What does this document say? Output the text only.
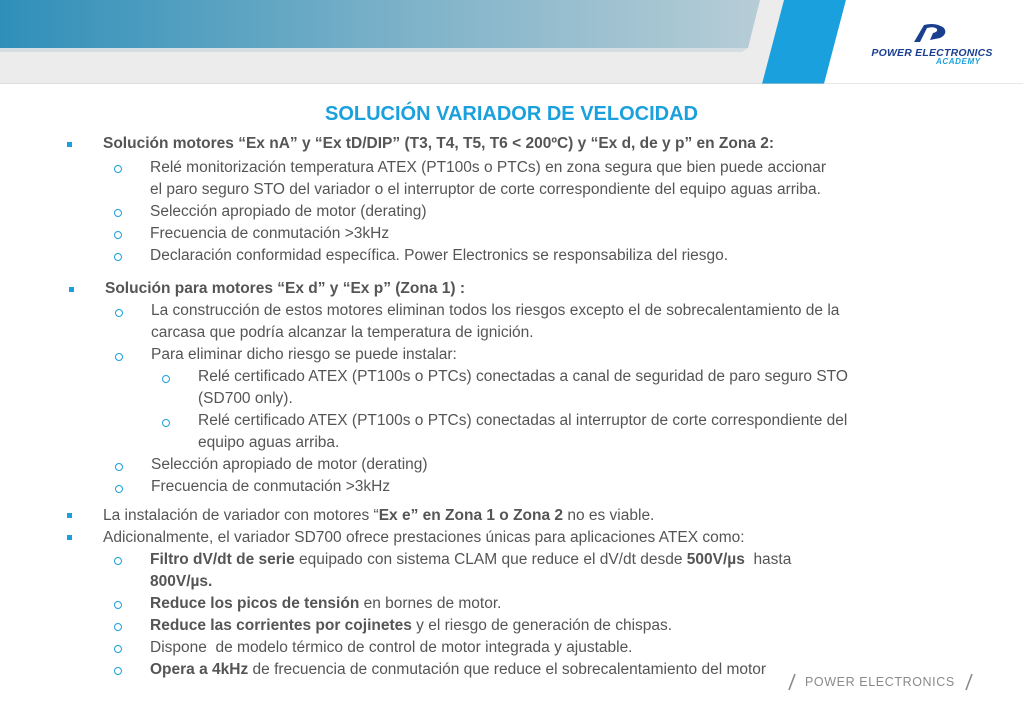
POWER ELECTRONICS
ACADEMY
SOLUCIÓN VARIADOR DE VELOCIDAD
Solución motores “Ex nA” y “Ex tD/DIP” (T3, T4, T5, T6 < 200ºC) y “Ex d, de y p” en Zona 2:
Relé monitorización temperatura ATEX (PT100s o PTCs) en zona segura que bien puede accionar
el paro seguro STO del variador o el interruptor de corte correspondiente del equipo aguas arriba.
Selección apropiado de motor (derating)
Frecuencia de conmutación >3kHz
Declaración conformidad específica. Power Electronics se responsabiliza del riesgo.
Solución para motores “Ex d” y “Ex p” (Zona 1) :
La construcción de estos motores eliminan todos los riesgos excepto el de sobrecalentamiento de la
carcasa que podría alcanzar la temperatura de ignición.
Para eliminar dicho riesgo se puede instalar:
Relé certificado ATEX (PT100s o PTCs) conectadas a canal de seguridad de paro seguro STO
(SD700 only).
Relé certificado ATEX (PT100s o PTCs) conectadas al interruptor de corte correspondiente del
equipo aguas arriba.
Selección apropiado de motor (derating)
Frecuencia de conmutación >3kHz
La instalación de variador con motores “Ex e” en Zona 1 o Zona 2 no es viable.
Adicionalmente, el variador SD700 ofrece prestaciones únicas para aplicaciones ATEX como:
Filtro dV/dt de serie equipado con sistema CLAM que reduce el dV/dt desde 500V/µs  hasta
800V/µs.
Reduce los picos de tensión en bornes de motor.
Reduce las corrientes por cojinetes y el riesgo de generación de chispas.
Dispone  de modelo térmico de control de motor integrada y ajustable.
Opera a 4kHz de frecuencia de conmutación que reduce el sobrecalentamiento del motor
POWER ELECTRONICS
